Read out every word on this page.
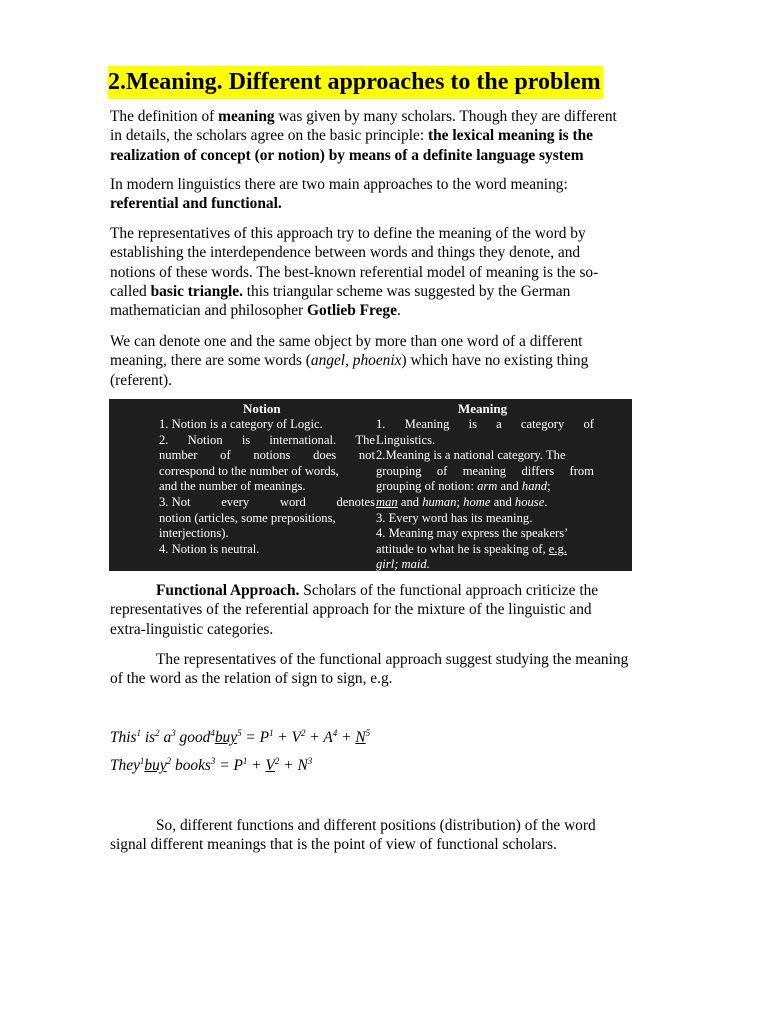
2.Meaning. Different approaches to the problem

The definition of meaning was given by many scholars. Though they are different
in details, the scholars agree on the basic principle: the lexical meaning is the
realization of concept (or notion) by means of a definite language system

In modern linguistics there are two main approaches to the word meaning:
referential and functional.

The representatives of this approach try to define the meaning of the word by
establishing the interdependence between words and things they denote, and
notions of these words. The best-known referential model of meaning is the so-
called basic triangle. this triangular scheme was suggested by the German
mathematician and philosopher Gotlieb Frege.

We can denote one and the same object by more than one word of a different
meaning, there are some words (angel, phoenix) which have no existing thing
(referent).

Notion	Meaning
1. Notion is a category of Logic.
2. Notion is international. The
number of notions does not
correspond to the number of words,
and the number of meanings.
3. Not every word denotes
notion (articles, some prepositions,
interjections).
4. Notion is neutral.
1. Meaning is a category of
Linguistics.
2.Meaning is a national category. The
grouping of meaning differs from
grouping of notion: arm and hand;
man and human; home and house.
3. Every word has its meaning.
4. Meaning may express the speakers’
attitude to what he is speaking of, e.g.
girl; maid.

Functional Approach. Scholars of the functional approach criticize the
representatives of the referential approach for the mixture of the linguistic and
extra-linguistic categories.

The representatives of the functional approach suggest studying the meaning
of the word as the relation of sign to sign, e.g.

This$^1$ $is^2$ $a^3$ good$^4$buy$^5$ = $P^1 + V^2 + A^4 + N^5$
They$^1$buy$^2$ books$^3$ = $P^1 + V^2 + N^3$

So, different functions and different positions (distribution) of the word
signal different meanings that is the point of view of functional scholars.
